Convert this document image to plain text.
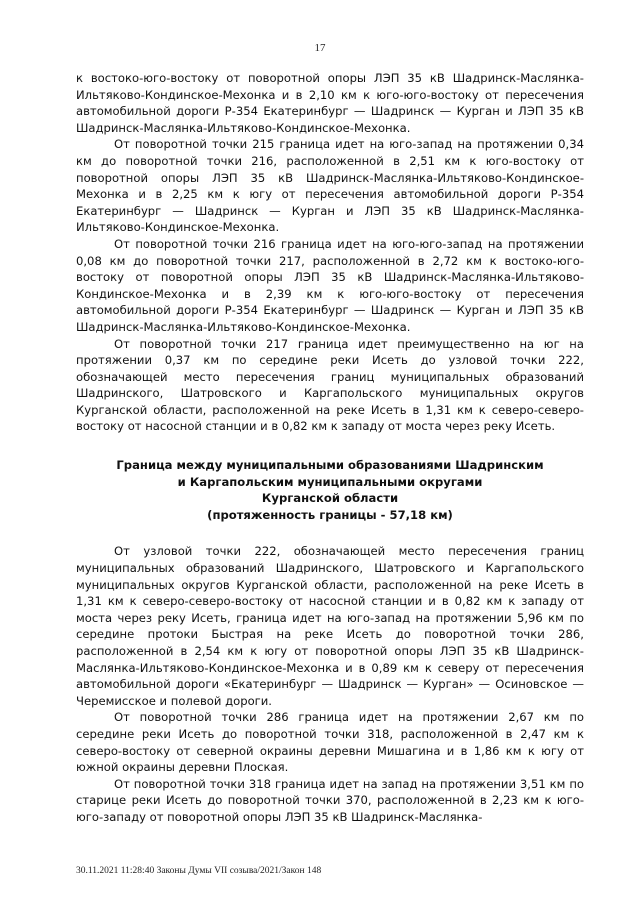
17

к востоко-юго-востоку от поворотной опоры ЛЭП 35 кВ Шадринск-Маслянка-Ильтяково-Кондинское-Мехонка и в 2,10 км к юго-юго-востоку от пересечения автомобильной дороги Р-354 Екатеринбург — Шадринск — Курган и ЛЭП 35 кВ Шадринск-Маслянка-Ильтяково-Кондинское-Мехонка.

От поворотной точки 215 граница идет на юго-запад на протяжении 0,34 км до поворотной точки 216, расположенной в 2,51 км к юго-востоку от поворотной опоры ЛЭП 35 кВ Шадринск-Маслянка-Ильтяково-Кондинское-Мехонка и в 2,25 км к югу от пересечения автомобильной дороги Р-354 Екатеринбург — Шадринск — Курган и ЛЭП 35 кВ Шадринск-Маслянка-Ильтяково-Кондинское-Мехонка.

От поворотной точки 216 граница идет на юго-юго-запад на протяжении 0,08 км до поворотной точки 217, расположенной в 2,72 км к востоко-юго-востоку от поворотной опоры ЛЭП 35 кВ Шадринск-Маслянка-Ильтяково-Кондинское-Мехонка и в 2,39 км к юго-юго-востоку от пересечения автомобильной дороги Р-354 Екатеринбург — Шадринск — Курган и ЛЭП 35 кВ Шадринск-Маслянка-Ильтяково-Кондинское-Мехонка.

От поворотной точки 217 граница идет преимущественно на юг на протяжении 0,37 км по середине реки Исеть до узловой точки 222, обозначающей место пересечения границ муниципальных образований Шадринского, Шатровского и Каргапольского муниципальных округов Курганской области, расположенной на реке Исеть в 1,31 км к северо-северо-востоку от насосной станции и в 0,82 км к западу от моста через реку Исеть.

Граница между муниципальными образованиями Шадринским
и Каргапольским муниципальными округами
Курганской области
(протяженность границы - 57,18 км)

От узловой точки 222, обозначающей место пересечения границ муниципальных образований Шадринского, Шатровского и Каргапольского муниципальных округов Курганской области, расположенной на реке Исеть в 1,31 км к северо-северо-востоку от насосной станции и в 0,82 км к западу от моста через реку Исеть, граница идет на юго-запад на протяжении 5,96 км по середине протоки Быстрая на реке Исеть до поворотной точки 286, расположенной в 2,54 км к югу от поворотной опоры ЛЭП 35 кВ Шадринск-Маслянка-Ильтяково-Кондинское-Мехонка и в 0,89 км к северу от пересечения автомобильной дороги «Екатеринбург — Шадринск — Курган» — Осиновское — Черемисское и полевой дороги.

От поворотной точки 286 граница идет на протяжении 2,67 км по середине реки Исеть до поворотной точки 318, расположенной в 2,47 км к северо-востоку от северной окраины деревни Мишагина и в 1,86 км к югу от южной окраины деревни Плоская.

От поворотной точки 318 граница идет на запад на протяжении 3,51 км по старице реки Исеть до поворотной точки 370, расположенной в 2,23 км к юго-юго-западу от поворотной опоры ЛЭП 35 кВ Шадринск-Маслянка-

30.11.2021 11:28:40 Законы Думы VII созыва/2021/Закон 148
